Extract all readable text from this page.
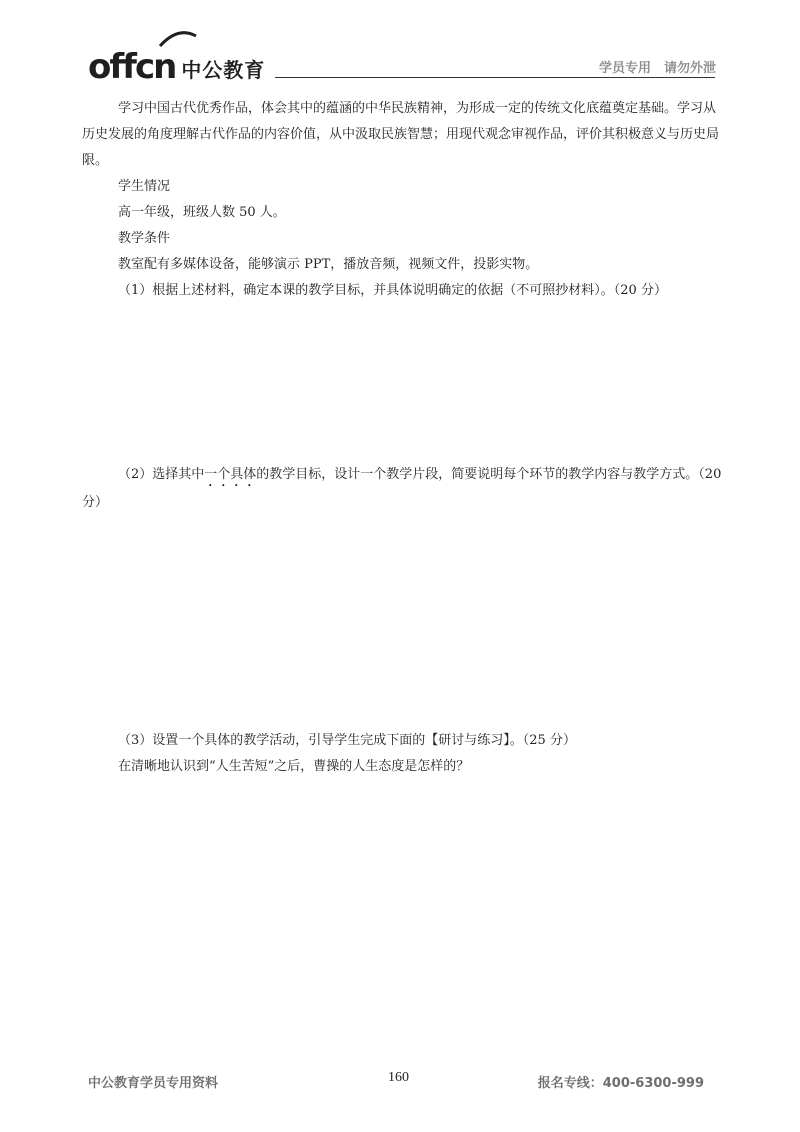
offcn 中公教育	学员专用　请勿外泄

学习中国古代优秀作品，体会其中的蕴涵的中华民族精神，为形成一定的传统文化底蕴奠定基础。学习从历史发展的角度理解古代作品的内容价值，从中汲取民族智慧；用现代观念审视作品，评价其积极意义与历史局限。

学生情况

高一年级，班级人数 50 人。

教学条件

教室配有多媒体设备，能够演示 PPT，播放音频，视频文件，投影实物。

（1）根据上述材料，确定本课的教学目标，并具体说明确定的依据（不可照抄材料）。（20 分）

（2）选择其中一个具体的教学目标，设计一个教学片段，简要说明每个环节的教学内容与教学方式。（20 分）

（3）设置一个具体的教学活动，引导学生完成下面的【研讨与练习】。（25 分）

在清晰地认识到“人生苦短”之后，曹操的人生态度是怎样的？

中公教育学员专用资料	160	报名专线：400-6300-999
